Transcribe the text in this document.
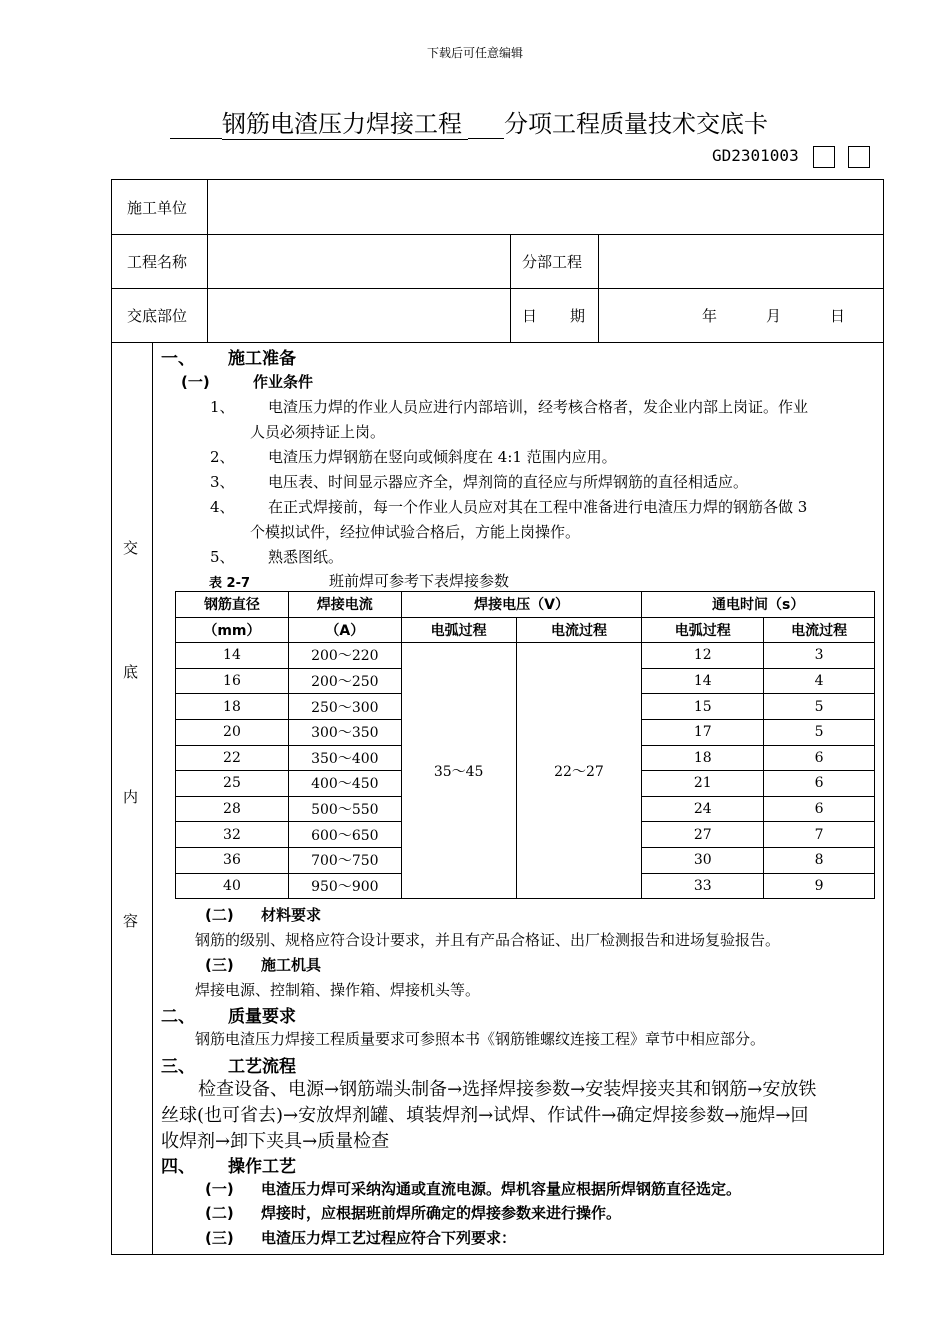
下载后可任意编辑
钢筋电渣压力焊接工程 分项工程质量技术交底卡
GD2301003
施工单位
工程名称	分部工程
交底部位	日 期	年	月	日
交
底
内
容
一、 施工准备
(一)	作业条件
1、 电渣压力焊的作业人员应进行内部培训，经考核合格者，发企业内部上岗证。作业
人员必须持证上岗。
2、 电渣压力焊钢筋在竖向或倾斜度在 4:1 范围内应用。
3、 电压表、时间显示器应齐全，焊剂筒的直径应与所焊钢筋的直径相适应。
4、 在正式焊接前，每一个作业人员应对其在工程中准备进行电渣压力焊的钢筋各做 3
个模拟试件，经拉伸试验合格后，方能上岗操作。
5、 熟悉图纸。
表 2-7	班前焊可参考下表焊接参数
钢筋直径	焊接电流	焊接电压（V）		通电时间（s）	
（mm）	（A）	电弧过程	电流过程	电弧过程	电流过程
14	200～220	35～45	22～27	12	3
16	200～250			14	4
18	250～300			15	5
20	300～350			17	5
22	350～400			18	6
25	400～450			21	6
28	500～550			24	6
32	600～650			27	7
36	700～750			30	8
40	950～900			33	9
(二) 材料要求
钢筋的级别、规格应符合设计要求，并且有产品合格证、出厂检测报告和进场复验报告。
(三) 施工机具
焊接电源、控制箱、操作箱、焊接机头等。
二、 质量要求
钢筋电渣压力焊接工程质量要求可参照本书《钢筋锥螺纹连接工程》章节中相应部分。
三、 工艺流程
检查设备、电源→钢筋端头制备→选择焊接参数→安装焊接夹其和钢筋→安放铁
丝球(也可省去)→安放焊剂罐、填装焊剂→试焊、作试件→确定焊接参数→施焊→回
收焊剂→卸下夹具→质量检查
四、 操作工艺
(一) 电渣压力焊可采纳沟通或直流电源。焊机容量应根据所焊钢筋直径选定。
(二) 焊接时，应根据班前焊所确定的焊接参数来进行操作。
(三) 电渣压力焊工艺过程应符合下列要求：
